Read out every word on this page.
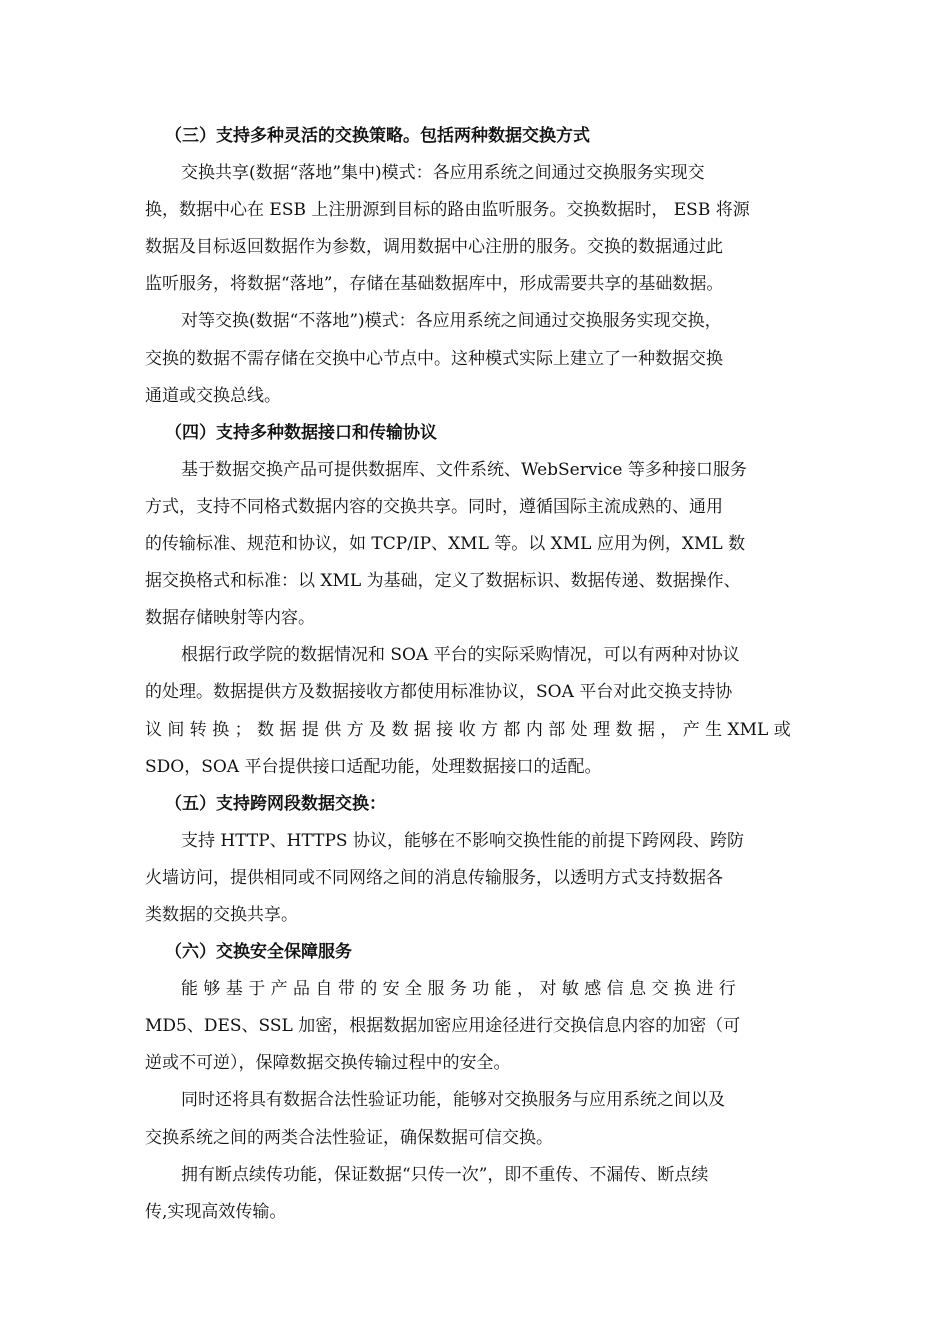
（三）支持多种灵活的交换策略。包括两种数据交换方式
交换共享(数据“落地”集中)模式：各应用系统之间通过交换服务实现交
换，数据中心在 ESB 上注册源到目标的路由监听服务。交换数据时， ESB 将源
数据及目标返回数据作为参数，调用数据中心注册的服务。交换的数据通过此
监听服务，将数据“落地”，存储在基础数据库中，形成需要共享的基础数据。
对等交换(数据“不落地”)模式：各应用系统之间通过交换服务实现交换，
交换的数据不需存储在交换中心节点中。这种模式实际上建立了一种数据交换
通道或交换总线。
（四）支持多种数据接口和传输协议
基于数据交换产品可提供数据库、文件系统、WebService 等多种接口服务
方式，支持不同格式数据内容的交换共享。同时，遵循国际主流成熟的、通用
的传输标准、规范和协议，如 TCP/IP、XML 等。以 XML 应用为例，XML 数
据交换格式和标准：以 XML 为基础，定义了数据标识、数据传递、数据操作、
数据存储映射等内容。
根据行政学院的数据情况和 SOA 平台的实际采购情况，可以有两种对协议
的处理。数据提供方及数据接收方都使用标准协议，SOA 平台对此交换支持协
议 间 转 换 ； 数 据 提 供 方 及 数 据 接 收 方 都 内 部 处 理 数 据 ， 产 生 XML 或
SDO，SOA 平台提供接口适配功能，处理数据接口的适配。
（五）支持跨网段数据交换：
支持 HTTP、HTTPS 协议，能够在不影响交换性能的前提下跨网段、跨防
火墙访问，提供相同或不同网络之间的消息传输服务，以透明方式支持数据各
类数据的交换共享。
（六）交换安全保障服务
能 够 基 于 产 品 自 带 的 安 全 服 务 功 能 ， 对 敏 感 信 息 交 换 进 行
MD5、DES、SSL 加密，根据数据加密应用途径进行交换信息内容的加密（可
逆或不可逆），保障数据交换传输过程中的安全。
同时还将具有数据合法性验证功能，能够对交换服务与应用系统之间以及
交换系统之间的两类合法性验证，确保数据可信交换。
拥有断点续传功能，保证数据“只传一次”，即不重传、不漏传、断点续
传,实现高效传输。
